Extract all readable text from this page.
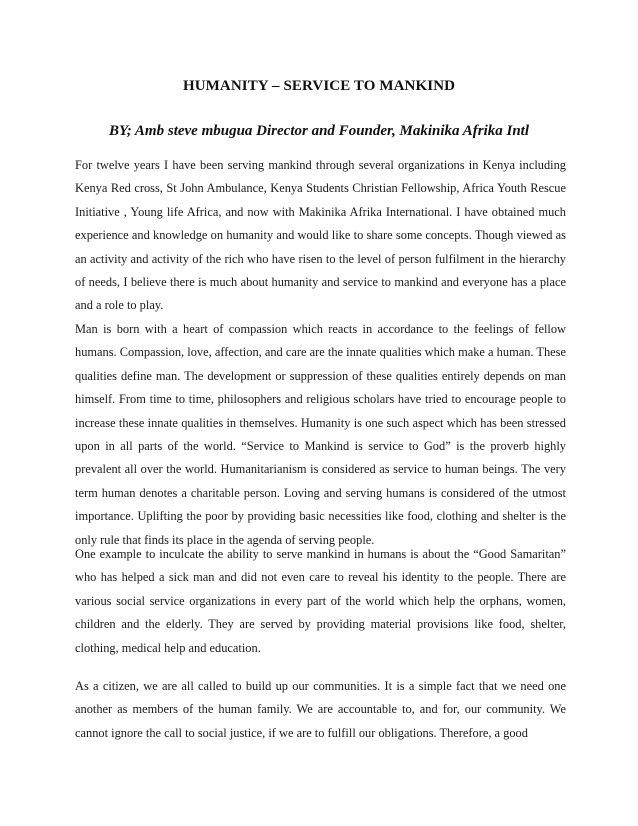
HUMANITY – SERVICE TO MANKIND

BY; Amb steve mbugua Director and Founder, Makinika Afrika Intl

For twelve years I have been serving mankind through several organizations in Kenya including Kenya Red cross, St John Ambulance, Kenya Students Christian Fellowship, Africa Youth Rescue Initiative , Young life Africa, and now with Makinika Afrika International. I have obtained much experience and knowledge on humanity and would like to share some concepts. Though viewed as an activity and activity of the rich who have risen to the level of person fulfilment in the hierarchy of needs, I believe there is much about humanity and service to mankind and everyone has a place and a role to play.

Man is born with a heart of compassion which reacts in accordance to the feelings of fellow humans. Compassion, love, affection, and care are the innate qualities which make a human. These qualities define man. The development or suppression of these qualities entirely depends on man himself. From time to time, philosophers and religious scholars have tried to encourage people to increase these innate qualities in themselves. Humanity is one such aspect which has been stressed upon in all parts of the world. “Service to Mankind is service to God” is the proverb highly prevalent all over the world. Humanitarianism is considered as service to human beings. The very term human denotes a charitable person. Loving and serving humans is considered of the utmost importance. Uplifting the poor by providing basic necessities like food, clothing and shelter is the only rule that finds its place in the agenda of serving people.

One example to inculcate the ability to serve mankind in humans is about the “Good Samaritan” who has helped a sick man and did not even care to reveal his identity to the people. There are various social service organizations in every part of the world which help the orphans, women, children and the elderly. They are served by providing material provisions like food, shelter, clothing, medical help and education.

As a citizen, we are all called to build up our communities. It is a simple fact that we need one another as members of the human family. We are accountable to, and for, our community. We cannot ignore the call to social justice, if we are to fulfill our obligations. Therefore, a good
